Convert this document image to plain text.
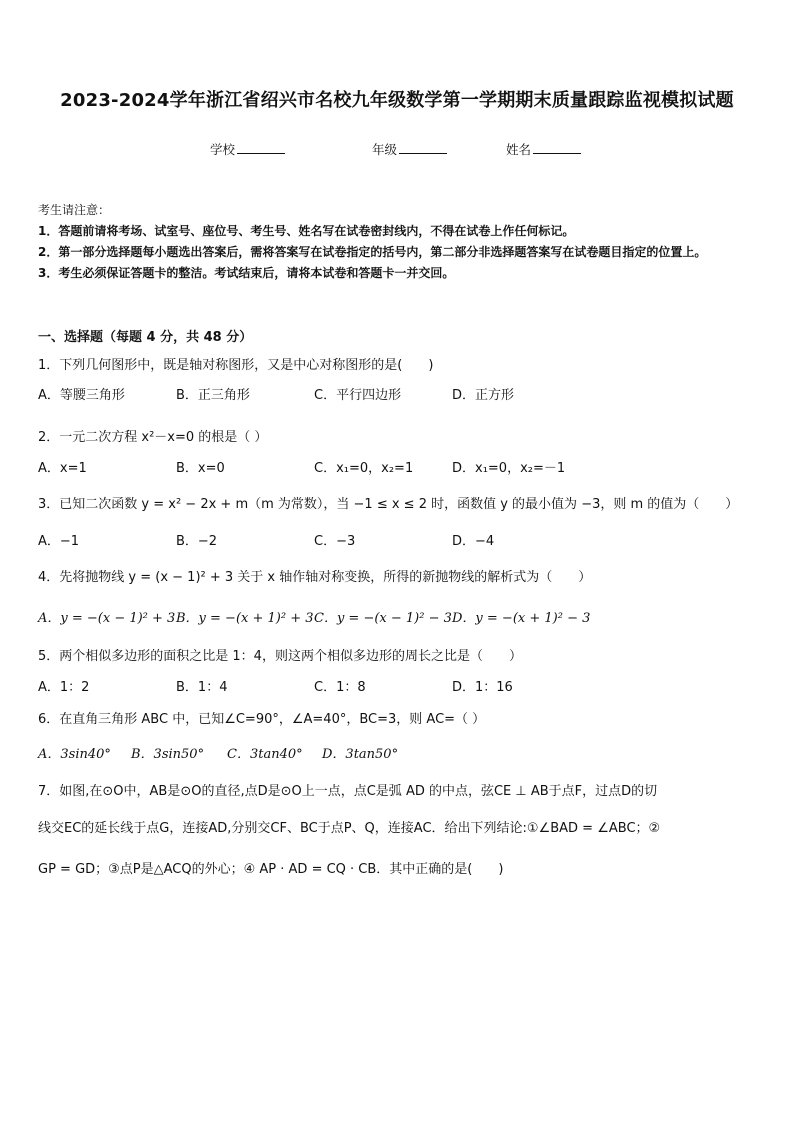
2023-2024学年浙江省绍兴市名校九年级数学第一学期期末质量跟踪监视模拟试题
学校	年级	姓名
考生请注意：
1．答题前请将考场、试室号、座位号、考生号、姓名写在试卷密封线内，不得在试卷上作任何标记。
2．第一部分选择题每小题选出答案后，需将答案写在试卷指定的括号内，第二部分非选择题答案写在试卷题目指定的位置上。
3．考生必须保证答题卡的整洁。考试结束后，请将本试卷和答题卡一并交回。
一、选择题（每题 4 分，共 48 分）
1．下列几何图形中，既是轴对称图形，又是中心对称图形的是(　　)
A．等腰三角形	B．正三角形	C．平行四边形	D．正方形
2．一元二次方程 x²－x=0 的根是（ ）
A．x=1	B．x=0	C．x₁=0，x₂=1	D．x₁=0，x₂=－1
3．已知二次函数 y = x² − 2x + m（m 为常数），当 −1 ≤ x ≤ 2 时，函数值 y 的最小值为 −3，则 m 的值为（　　）
A．−1	B．−2	C．−3	D．−4
4．先将抛物线 y = (x − 1)² + 3 关于 x 轴作轴对称变换，所得的新抛物线的解析式为（　　）
A．y = −(x − 1)² + 3 B．y = −(x + 1)² + 3 C．y = −(x − 1)² − 3 D．y = −(x + 1)² − 3
5．两个相似多边形的面积之比是 1：4，则这两个相似多边形的周长之比是（　　）
A．1：2	B．1：4	C．1：8	D．1：16
6．在直角三角形 ABC 中，已知∠C=90°，∠A=40°，BC=3，则 AC=（ ）
A．3sin40° B．3sin50° C．3tan40° D．3tan50°
7．如图,在⊙O中，AB是⊙O的直径,点D是⊙O上一点，点C是弧 AD 的中点，弦CE ⊥ AB于点F，过点D的切
线交EC的延长线于点G，连接AD,分别交CF、BC于点P、Q，连接AC．给出下列结论:①∠BAD = ∠ABC；②
GP = GD；③点P是△ACQ的外心；④ AP · AD = CQ · CB．其中正确的是(　　)
